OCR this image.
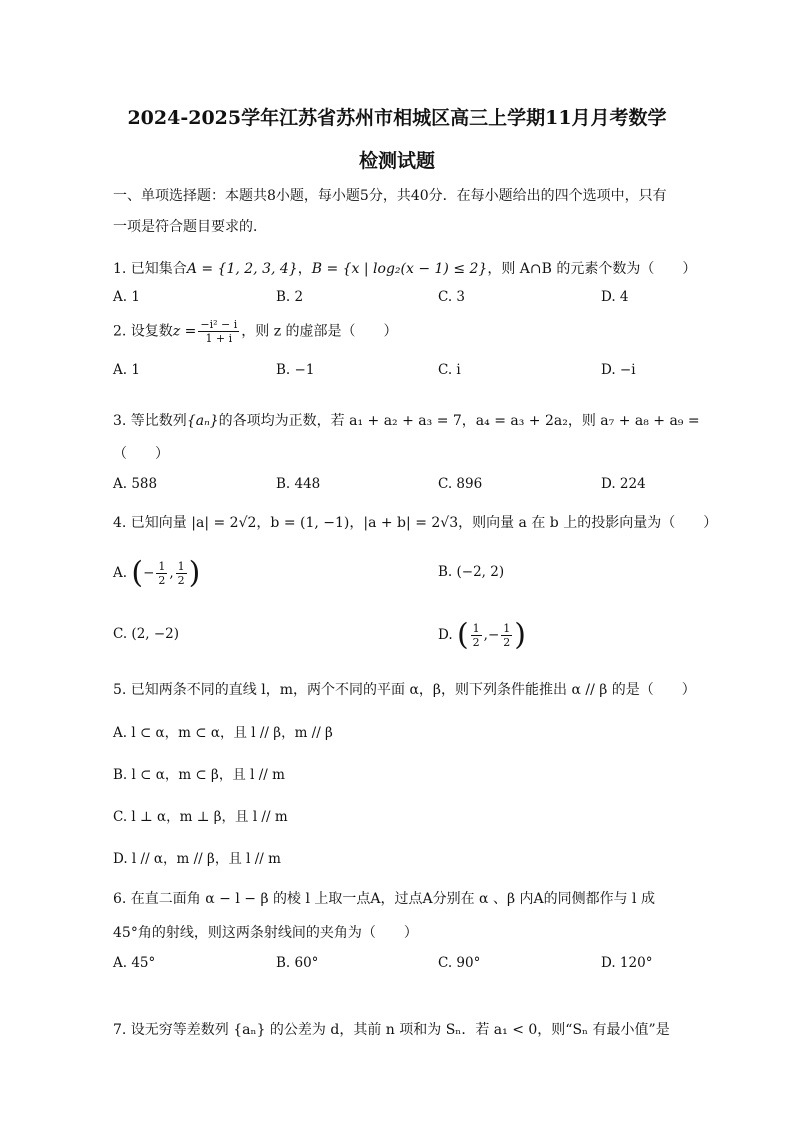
2024-2025学年江苏省苏州市相城区高三上学期11月月考数学
检测试题
一、单项选择题：本题共8小题，每小题5分，共40分．在每小题给出的四个选项中，只有
一项是符合题目要求的．
1. 已知集合A = {1, 2, 3, 4}，B = {x | log₂(x − 1) ≤ 2}，则 A∩B 的元素个数为（　　）
A. 1	B. 2	C. 3	D. 4
2. 设复数$z = \frac{\text{−i² − i}}{1 + i}$ ，则 z 的虚部是（　　）
A. 1	B. −1	C. i	D. −i
3. 等比数列{aₙ}的各项均为正数，若 a₁ + a₂ + a₃ = 7，a₄ = a₃ + 2a₂，则 a₇ + a₈ + a₉ =
（　　）
A. 588	B. 448	C. 896	D. 224
4. 已知向量 |a| = 2√2，b = (1, −1)，|a + b| = 2√3，则向量 a 在 b 上的投影向量为（　　）
A. (− $\frac{1}{2}$ , $\frac{1}{2}$ )	B. (−2, 2)
C. (2, −2)	D. ( $\frac{1}{2}$ ,− $\frac{1}{2}$ )
5. 已知两条不同的直线 l，m，两个不同的平面 α，β，则下列条件能推出 α // β 的是（　　）
A. l ⊂ α，m ⊂ α，且 l // β，m // β
B. l ⊂ α，m ⊂ β，且 l // m
C. l ⊥ α，m ⊥ β，且 l // m
D. l // α，m // β，且 l // m
6. 在直二面角 α − l − β 的棱 l 上取一点A，过点A分别在 α 、β 内A的同侧都作与 l 成
45°角的射线，则这两条射线间的夹角为（　　）
A. 45°	B. 60°	C. 90°	D. 120°
7. 设无穷等差数列 {aₙ} 的公差为 d，其前 n 项和为 Sₙ．若 a₁ < 0，则“Sₙ 有最小值”是
